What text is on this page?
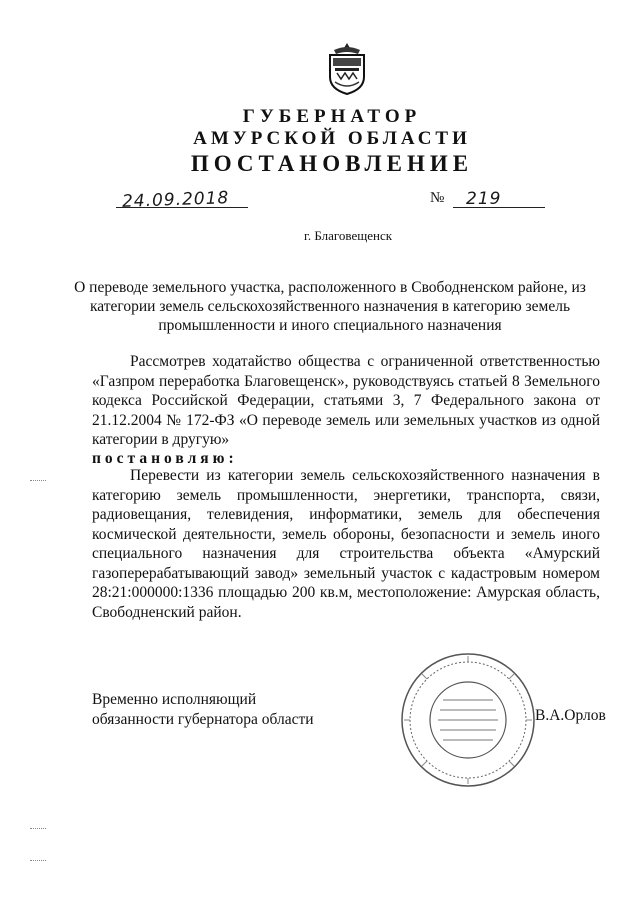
ГУБЕРНАТОР
АМУРСКОЙ ОБЛАСТИ
ПОСТАНОВЛЕНИЕ
24.09.2018	№ 219
г. Благовещенск
О переводе земельного участка, расположенного в Свободненском районе, из категории земель сельскохозяйственного назначения в категорию земель промышленности и иного специального назначения
Рассмотрев ходатайство общества с ограниченной ответственностью «Газпром переработка Благовещенск», руководствуясь статьей 8 Земельного кодекса Российской Федерации, статьями 3, 7 Федерального закона от 21.12.2004 № 172-ФЗ «О переводе земель или земельных участков из одной категории в другую»
постановляю:
Перевести из категории земель сельскохозяйственного назначения в категорию земель промышленности, энергетики, транспорта, связи, радиовещания, телевидения, информатики, земель для обеспечения космической деятельности, земель обороны, безопасности и земель иного специального назначения для строительства объекта «Амурский газоперерабатывающий завод» земельный участок с кадастровым номером 28:21:000000:1336 площадью 200 кв.м, местоположение: Амурская область, Свободненский район.
Временно исполняющий
обязанности губернатора области	В.А.Орлов
